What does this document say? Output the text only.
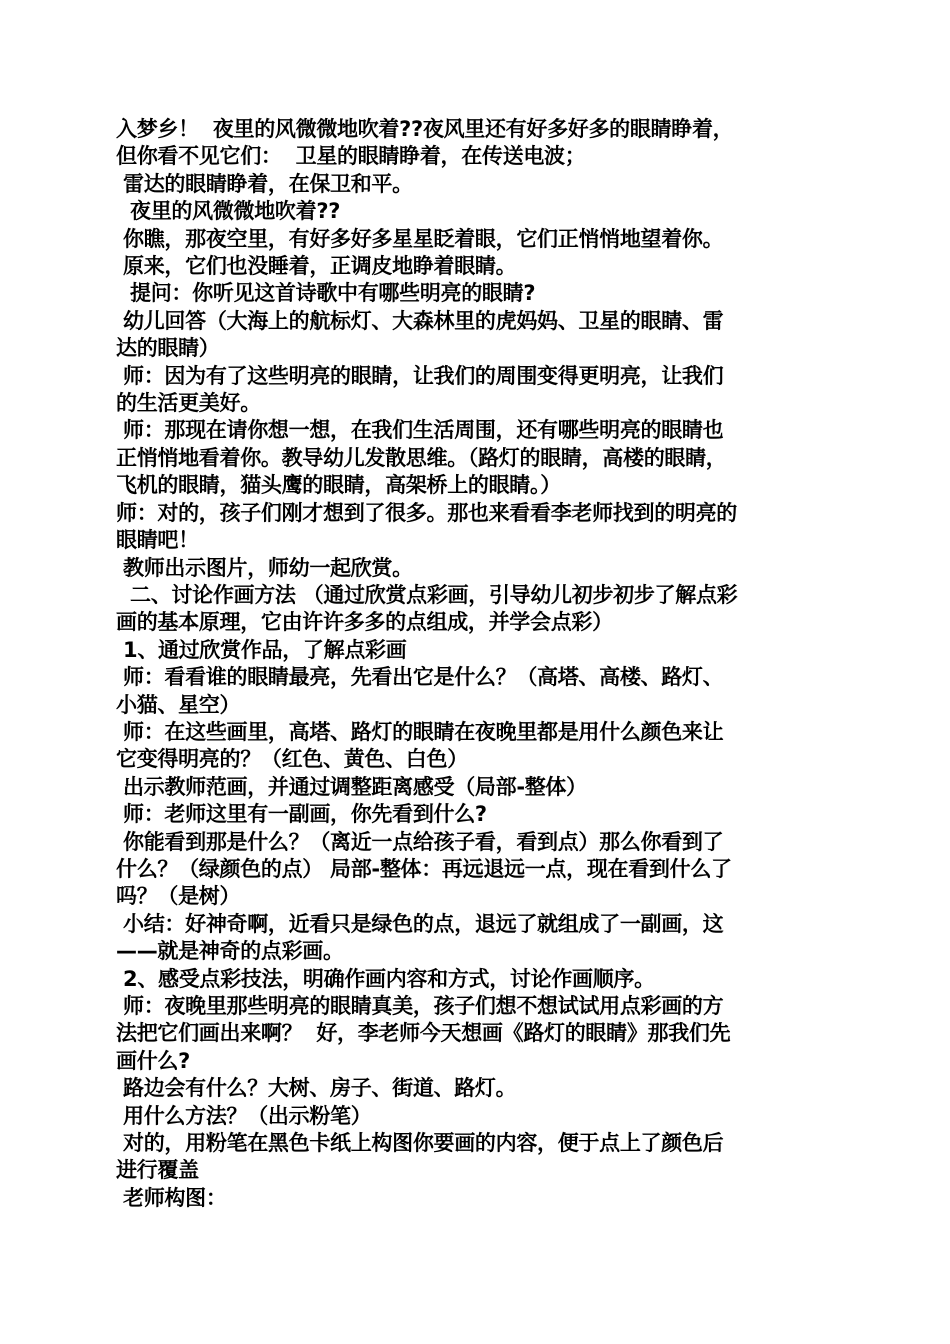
入梦乡！  夜里的风微微地吹着??夜风里还有好多好多的眼睛睁着，

但你看不见它们：  卫星的眼睛睁着，在传送电波；

雷达的眼睛睁着，在保卫和平。

夜里的风微微地吹着??

你瞧，那夜空里，有好多好多星星眨着眼，它们正悄悄地望着你。

原来，它们也没睡着，正调皮地睁着眼睛。

提问：你听见这首诗歌中有哪些明亮的眼睛?

幼儿回答（大海上的航标灯、大森林里的虎妈妈、卫星的眼睛、雷

达的眼睛）

师：因为有了这些明亮的眼睛，让我们的周围变得更明亮，让我们

的生活更美好。

师：那现在请你想一想，在我们生活周围，还有哪些明亮的眼睛也

正悄悄地看着你。教导幼儿发散思维。（路灯的眼睛，高楼的眼睛，

飞机的眼睛，猫头鹰的眼睛，高架桥上的眼睛。）

师：对的，孩子们刚才想到了很多。那也来看看李老师找到的明亮的

眼睛吧！

教师出示图片，师幼一起欣赏。

二、讨论作画方法 （通过欣赏点彩画，引导幼儿初步初步了解点彩

画的基本原理，它由许许多多的点组成，并学会点彩）

1、通过欣赏作品，了解点彩画

师：看看谁的眼睛最亮，先看出它是什么？（高塔、高楼、路灯、

小猫、星空）

师：在这些画里，高塔、路灯的眼睛在夜晚里都是用什么颜色来让

它变得明亮的？（红色、黄色、白色）

出示教师范画，并通过调整距离感受（局部-整体）

师：老师这里有一副画，你先看到什么?

你能看到那是什么？（离近一点给孩子看，看到点）那么你看到了

什么？（绿颜色的点） 局部-整体：再远退远一点，现在看到什么了

吗？（是树）

小结：好神奇啊，近看只是绿色的点，退远了就组成了一副画，这

——就是神奇的点彩画。

2、感受点彩技法，明确作画内容和方式，讨论作画顺序。

师：夜晚里那些明亮的眼睛真美，孩子们想不想试试用点彩画的方

法把它们画出来啊？  好，李老师今天想画《路灯的眼睛》那我们先

画什么?

路边会有什么？大树、房子、街道、路灯。

用什么方法？（出示粉笔）

对的，用粉笔在黑色卡纸上构图你要画的内容，便于点上了颜色后

进行覆盖

老师构图：
